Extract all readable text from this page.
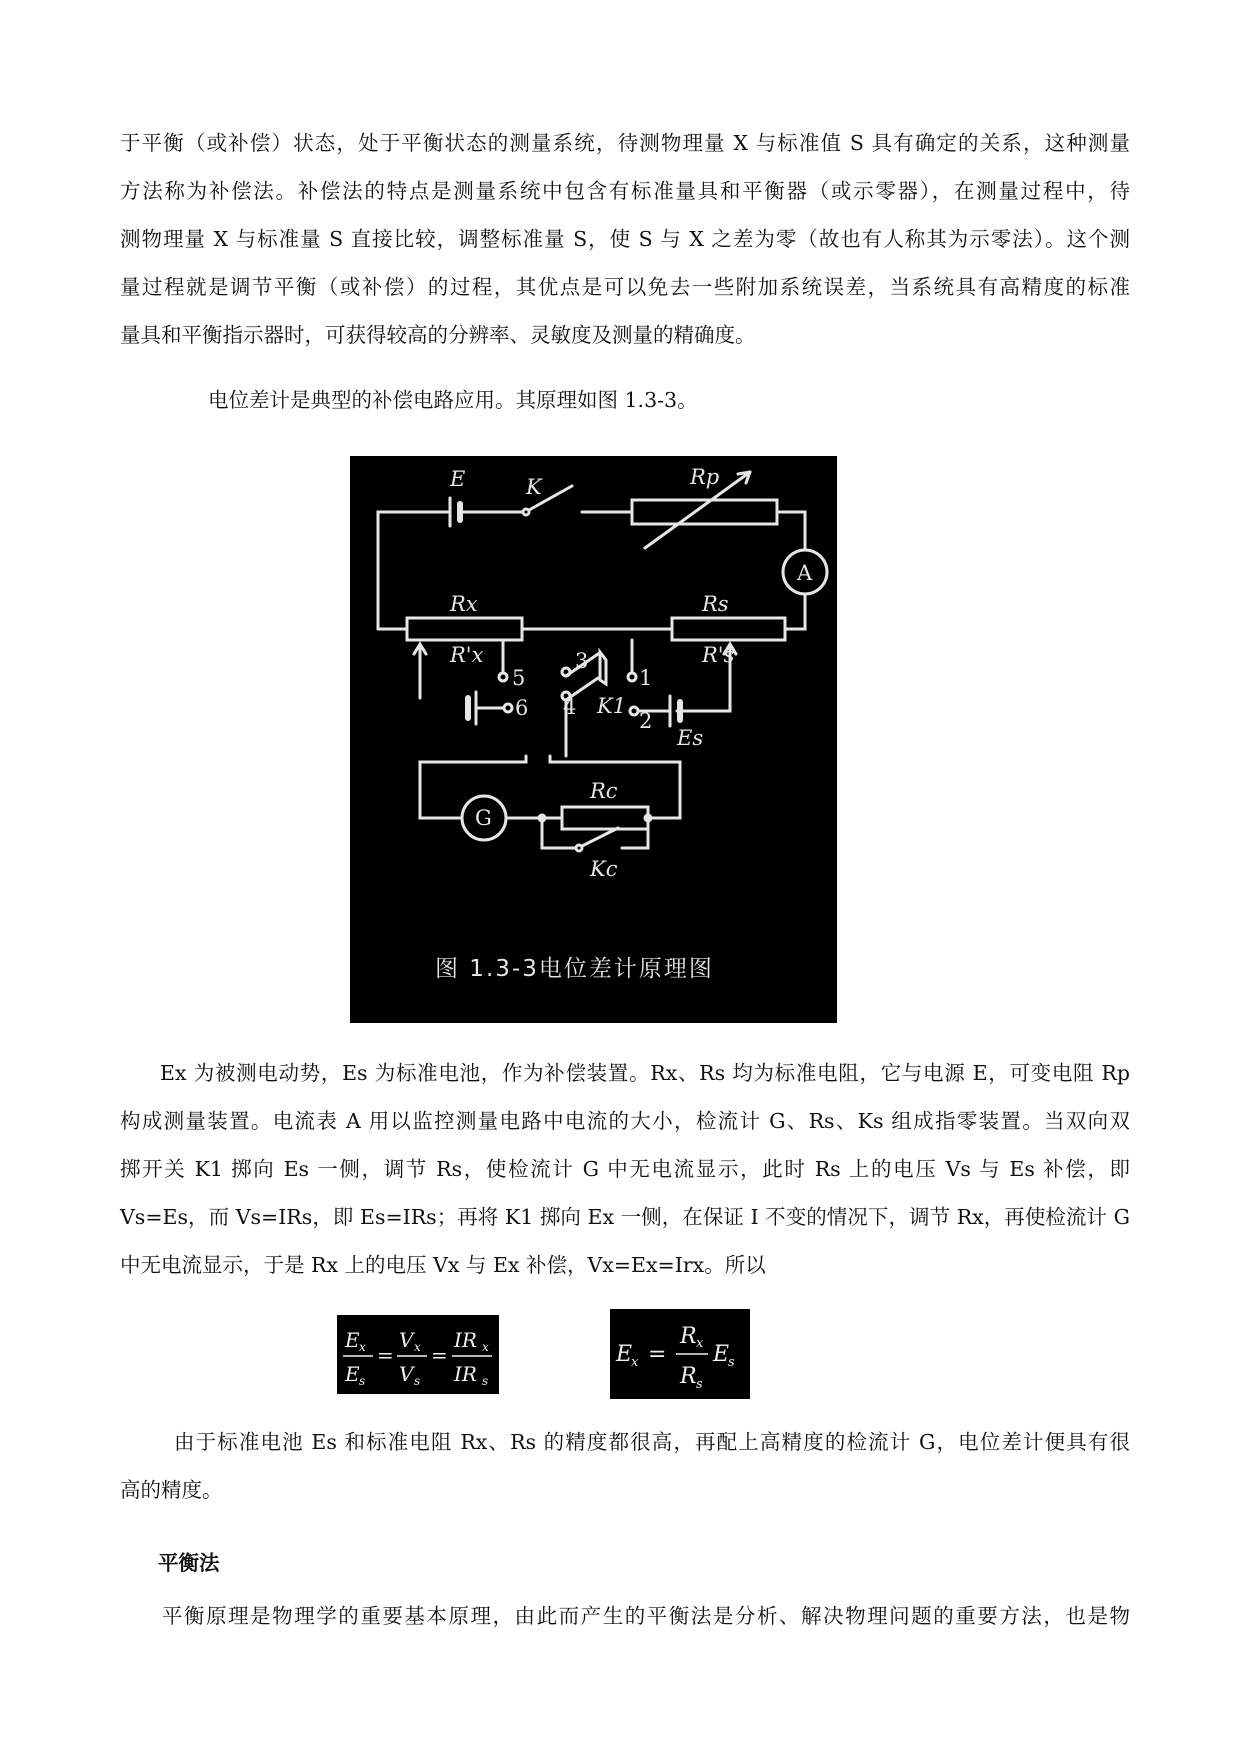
于平衡（或补偿）状态，处于平衡状态的测量系统，待测物理量 X 与标准值 S 具有确定的关系，这种测量
方法称为补偿法。补偿法的特点是测量系统中包含有标准量具和平衡器（或示零器），在测量过程中，待
测物理量 X 与标准量 S 直接比较，调整标准量 S，使 S 与 X 之差为零（故也有人称其为示零法）。这个测
量过程就是调节平衡（或补偿）的过程，其优点是可以免去一些附加系统误差，当系统具有高精度的标准
量具和平衡指示器时，可获得较高的分辨率、灵敏度及测量的精确度。

电位差计是典型的补偿电路应用。其原理如图 1.3-3。

E	K	Rp
A
Rx
R'x
Rs
R's
1
2
3
4
5
6	K1
Es
G
Rc
Kc
图 1.3-3电位差计原理图
Ex 为被测电动势，Es 为标准电池，作为补偿装置。Rx、Rs 均为标准电阻，它与电源 E，可变电阻 Rp
构成测量装置。电流表 A 用以监控测量电路中电流的大小，检流计 G、Rs、Ks 组成指零装置。当双向双
掷开关 K1 掷向 Es 一侧，调节 Rs，使检流计 G 中无电流显示，此时 Rs 上的电压 Vs 与 Es 补偿，即
Vs=Es，而 Vs=IRs，即 Es=IRs；再将 K1 掷向 Ex 一侧，在保证 I 不变的情况下，调节 Rx，再使检流计 G
中无电流显示，于是 Rx 上的电压 Vx 与 Ex 补偿，Vx=Ex=Irx。所以
E x
E s
=
V x
V s
=
IR x
IR s
E
x =
R x
R s
E
s
由于标准电池 Es 和标准电阻 Rx、Rs 的精度都很高，再配上高精度的检流计 G，电位差计便具有很
高的精度。
平衡法

平衡原理是物理学的重要基本原理，由此而产生的平衡法是分析、解决物理问题的重要方法，也是物
